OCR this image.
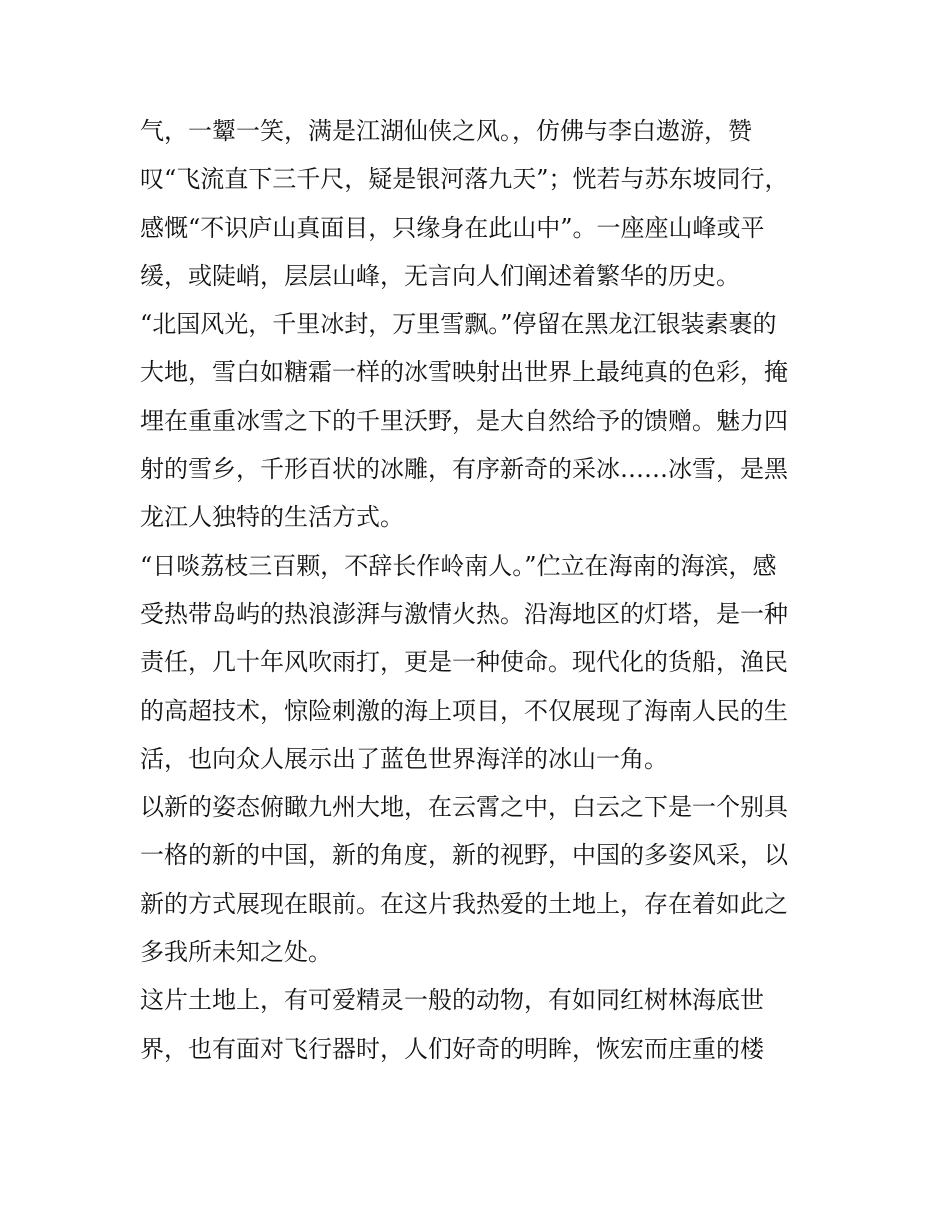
气，一颦一笑，满是江湖仙侠之风。，仿佛与李白遨游，赞
叹“飞流直下三千尺，疑是银河落九天”；恍若与苏东坡同行，
感慨“不识庐山真面目，只缘身在此山中”。一座座山峰或平
缓，或陡峭，层层山峰，无言向人们阐述着繁华的历史。
“北国风光，千里冰封，万里雪飘。”停留在黑龙江银装素裹的
大地，雪白如糖霜一样的冰雪映射出世界上最纯真的色彩，掩
埋在重重冰雪之下的千里沃野，是大自然给予的馈赠。魅力四
射的雪乡，千形百状的冰雕，有序新奇的采冰……冰雪，是黑
龙江人独特的生活方式。
“日啖荔枝三百颗，不辞长作岭南人。”伫立在海南的海滨，感
受热带岛屿的热浪澎湃与激情火热。沿海地区的灯塔，是一种
责任，几十年风吹雨打，更是一种使命。现代化的货船，渔民
的高超技术，惊险刺激的海上项目，不仅展现了海南人民的生
活，也向众人展示出了蓝色世界海洋的冰山一角。
以新的姿态俯瞰九州大地，在云霄之中，白云之下是一个别具
一格的新的中国，新的角度，新的视野，中国的多姿风采，以
新的方式展现在眼前。在这片我热爱的土地上，存在着如此之
多我所未知之处。
这片土地上，有可爱精灵一般的动物，有如同红树林海底世
界，也有面对飞行器时，人们好奇的明眸，恢宏而庄重的楼
